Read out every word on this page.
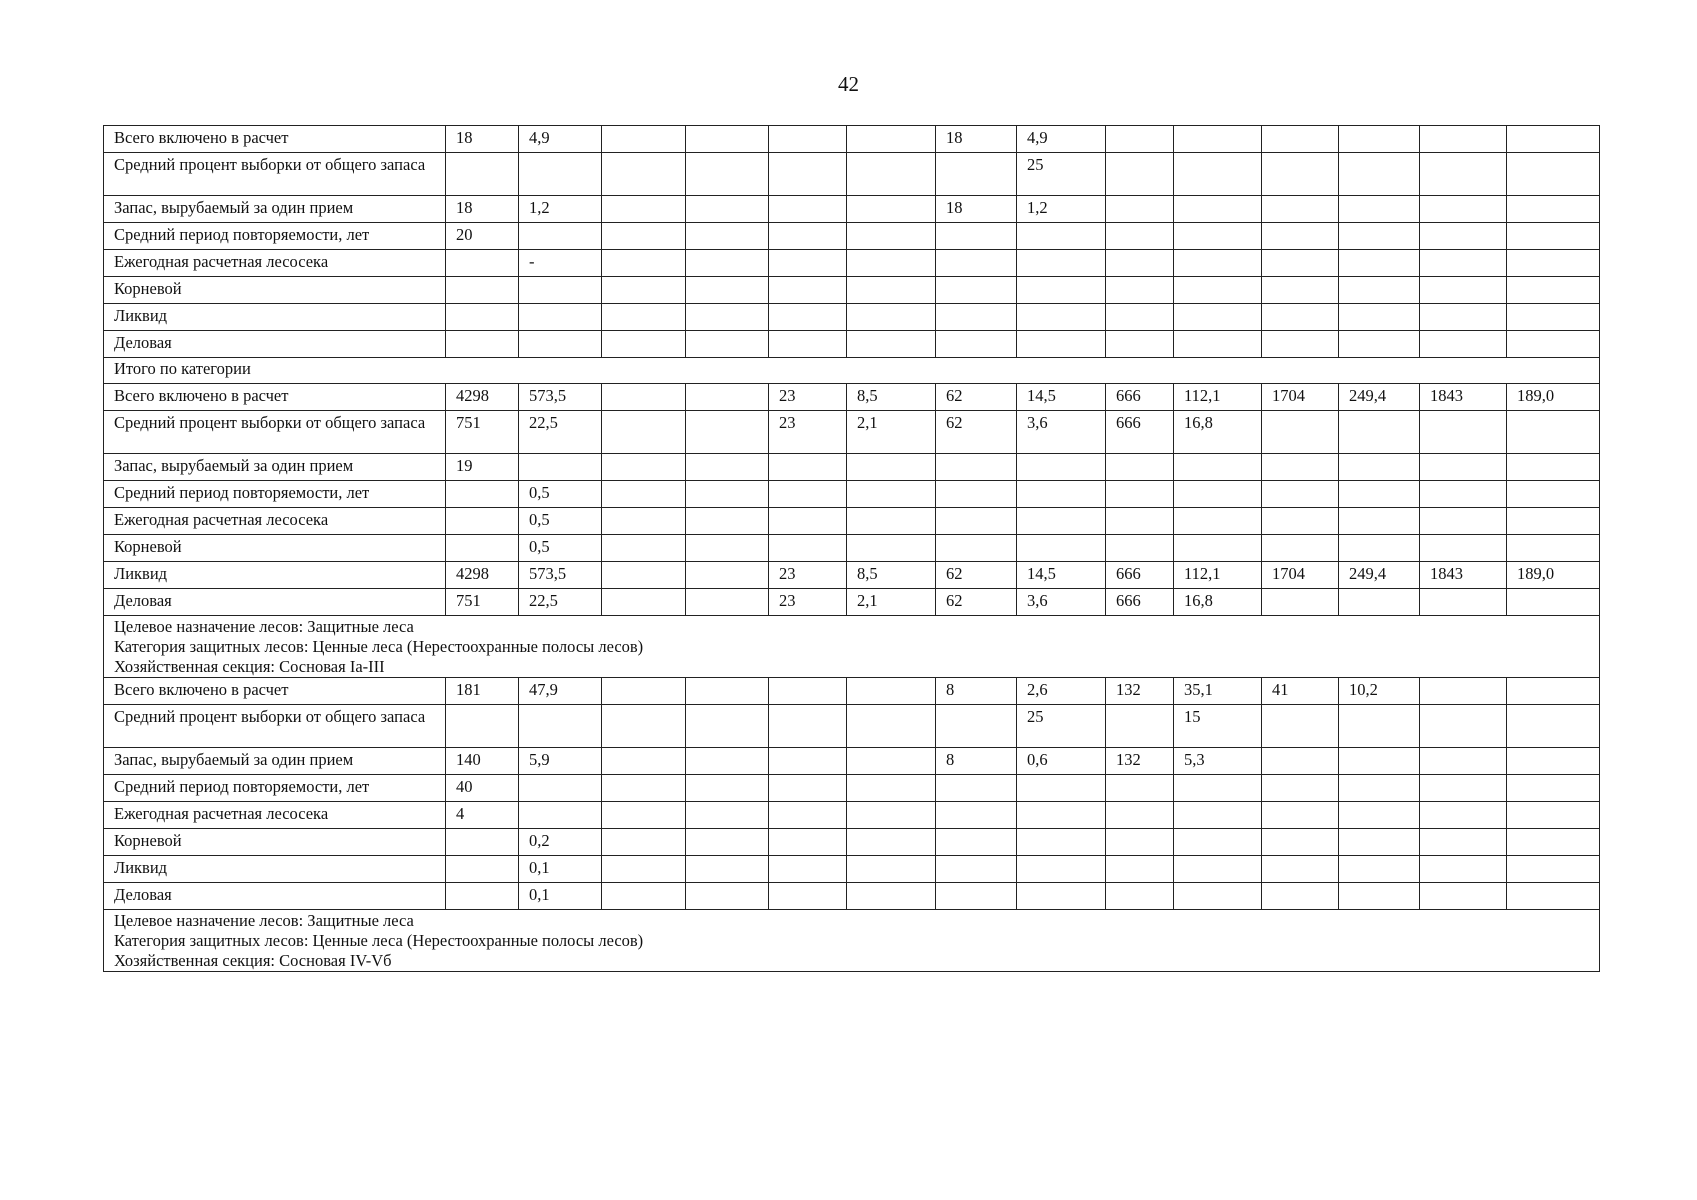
42
Всего включено в расчет	18	4,9					18	4,9						
Средний процент выборки от общего запаса								25						
Запас, вырубаемый за один прием	18	1,2					18	1,2						
Средний период повторяемости, лет	20													
Ежегодная расчетная лесосека		-												
Корневой														
Ликвид														
Деловая														

Итого по категории														

Всего включено в расчет	4298	573,5			23	8,5	62	14,5	666	112,1	1704	249,4	1843	189,0
Средний процент выборки от общего запаса	751	22,5			23	2,1	62	3,6	666	16,8				
Запас, вырубаемый за один прием	19													
Средний период повторяемости, лет		0,5												
Ежегодная расчетная лесосека		0,5												
Корневой		0,5												
Ликвид	4298	573,5			23	8,5	62	14,5	666	112,1	1704	249,4	1843	189,0
Деловая	751	22,5			23	2,1	62	3,6	666	16,8				

Целевое назначение лесов: Защитные леса
Категория защитных лесов: Ценные леса (Нерестоохранные полосы лесов)
Хозяйственная секция: Сосновая Ia-III														

Всего включено в расчет	181	47,9					8	2,6	132	35,1	41	10,2		
Средний процент выборки от общего запаса								25		15				
Запас, вырубаемый за один прием	140	5,9					8	0,6	132	5,3				
Средний период повторяемости, лет	40													
Ежегодная расчетная лесосека	4													
Корневой		0,2												
Ликвид		0,1												
Деловая		0,1												

Целевое назначение лесов: Защитные леса
Категория защитных лесов: Ценные леса (Нерестоохранные полосы лесов)
Хозяйственная секция: Сосновая IV-Vб														
